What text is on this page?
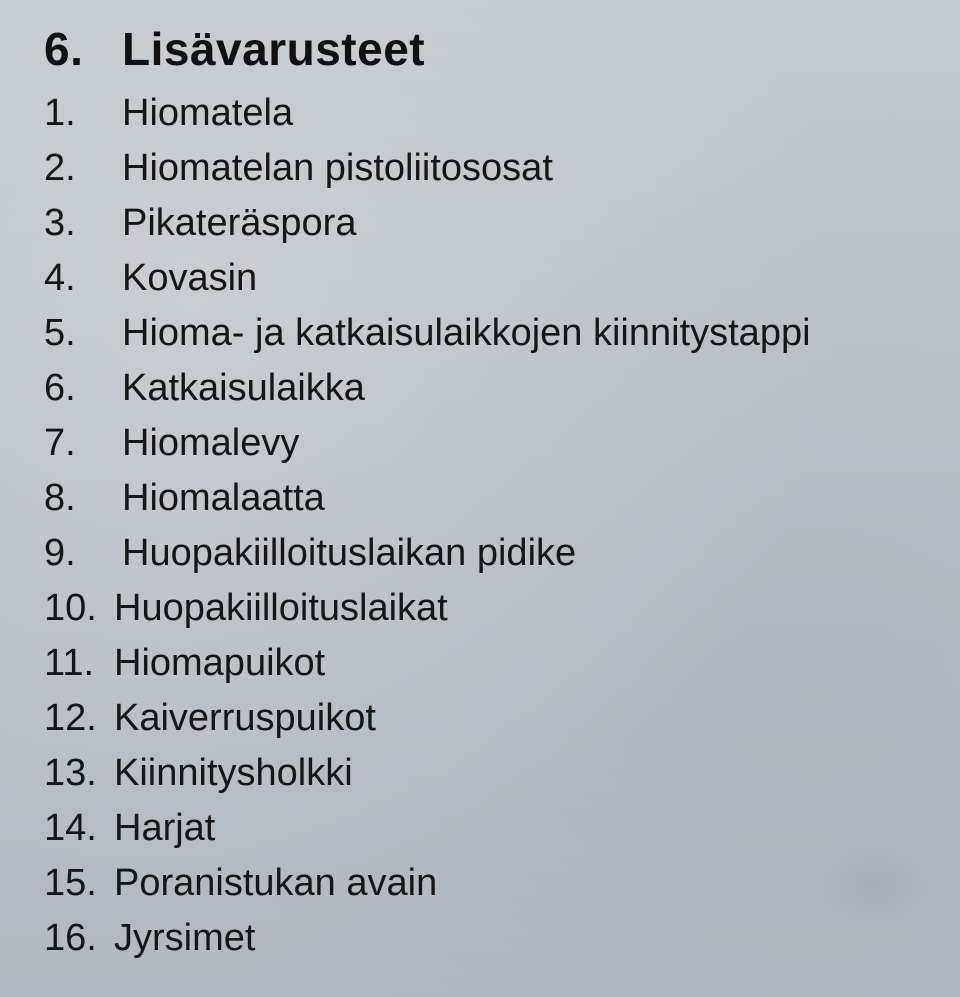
6. Lisävarusteet
1. Hiomatela
2. Hiomatelan pistoliitososat
3. Pikateräspora
4. Kovasin
5. Hioma- ja katkaisulaikkojen kiinnitystappi
6. Katkaisulaikka
7. Hiomalevy
8. Hiomalaatta
9. Huopakiilloituslaikan pidike
10. Huopakiilloituslaikat
11. Hiomapuikot
12. Kaiverruspuikot
13. Kiinnitysholkki
14. Harjat
15. Poranistukan avain
16. Jyrsimet
